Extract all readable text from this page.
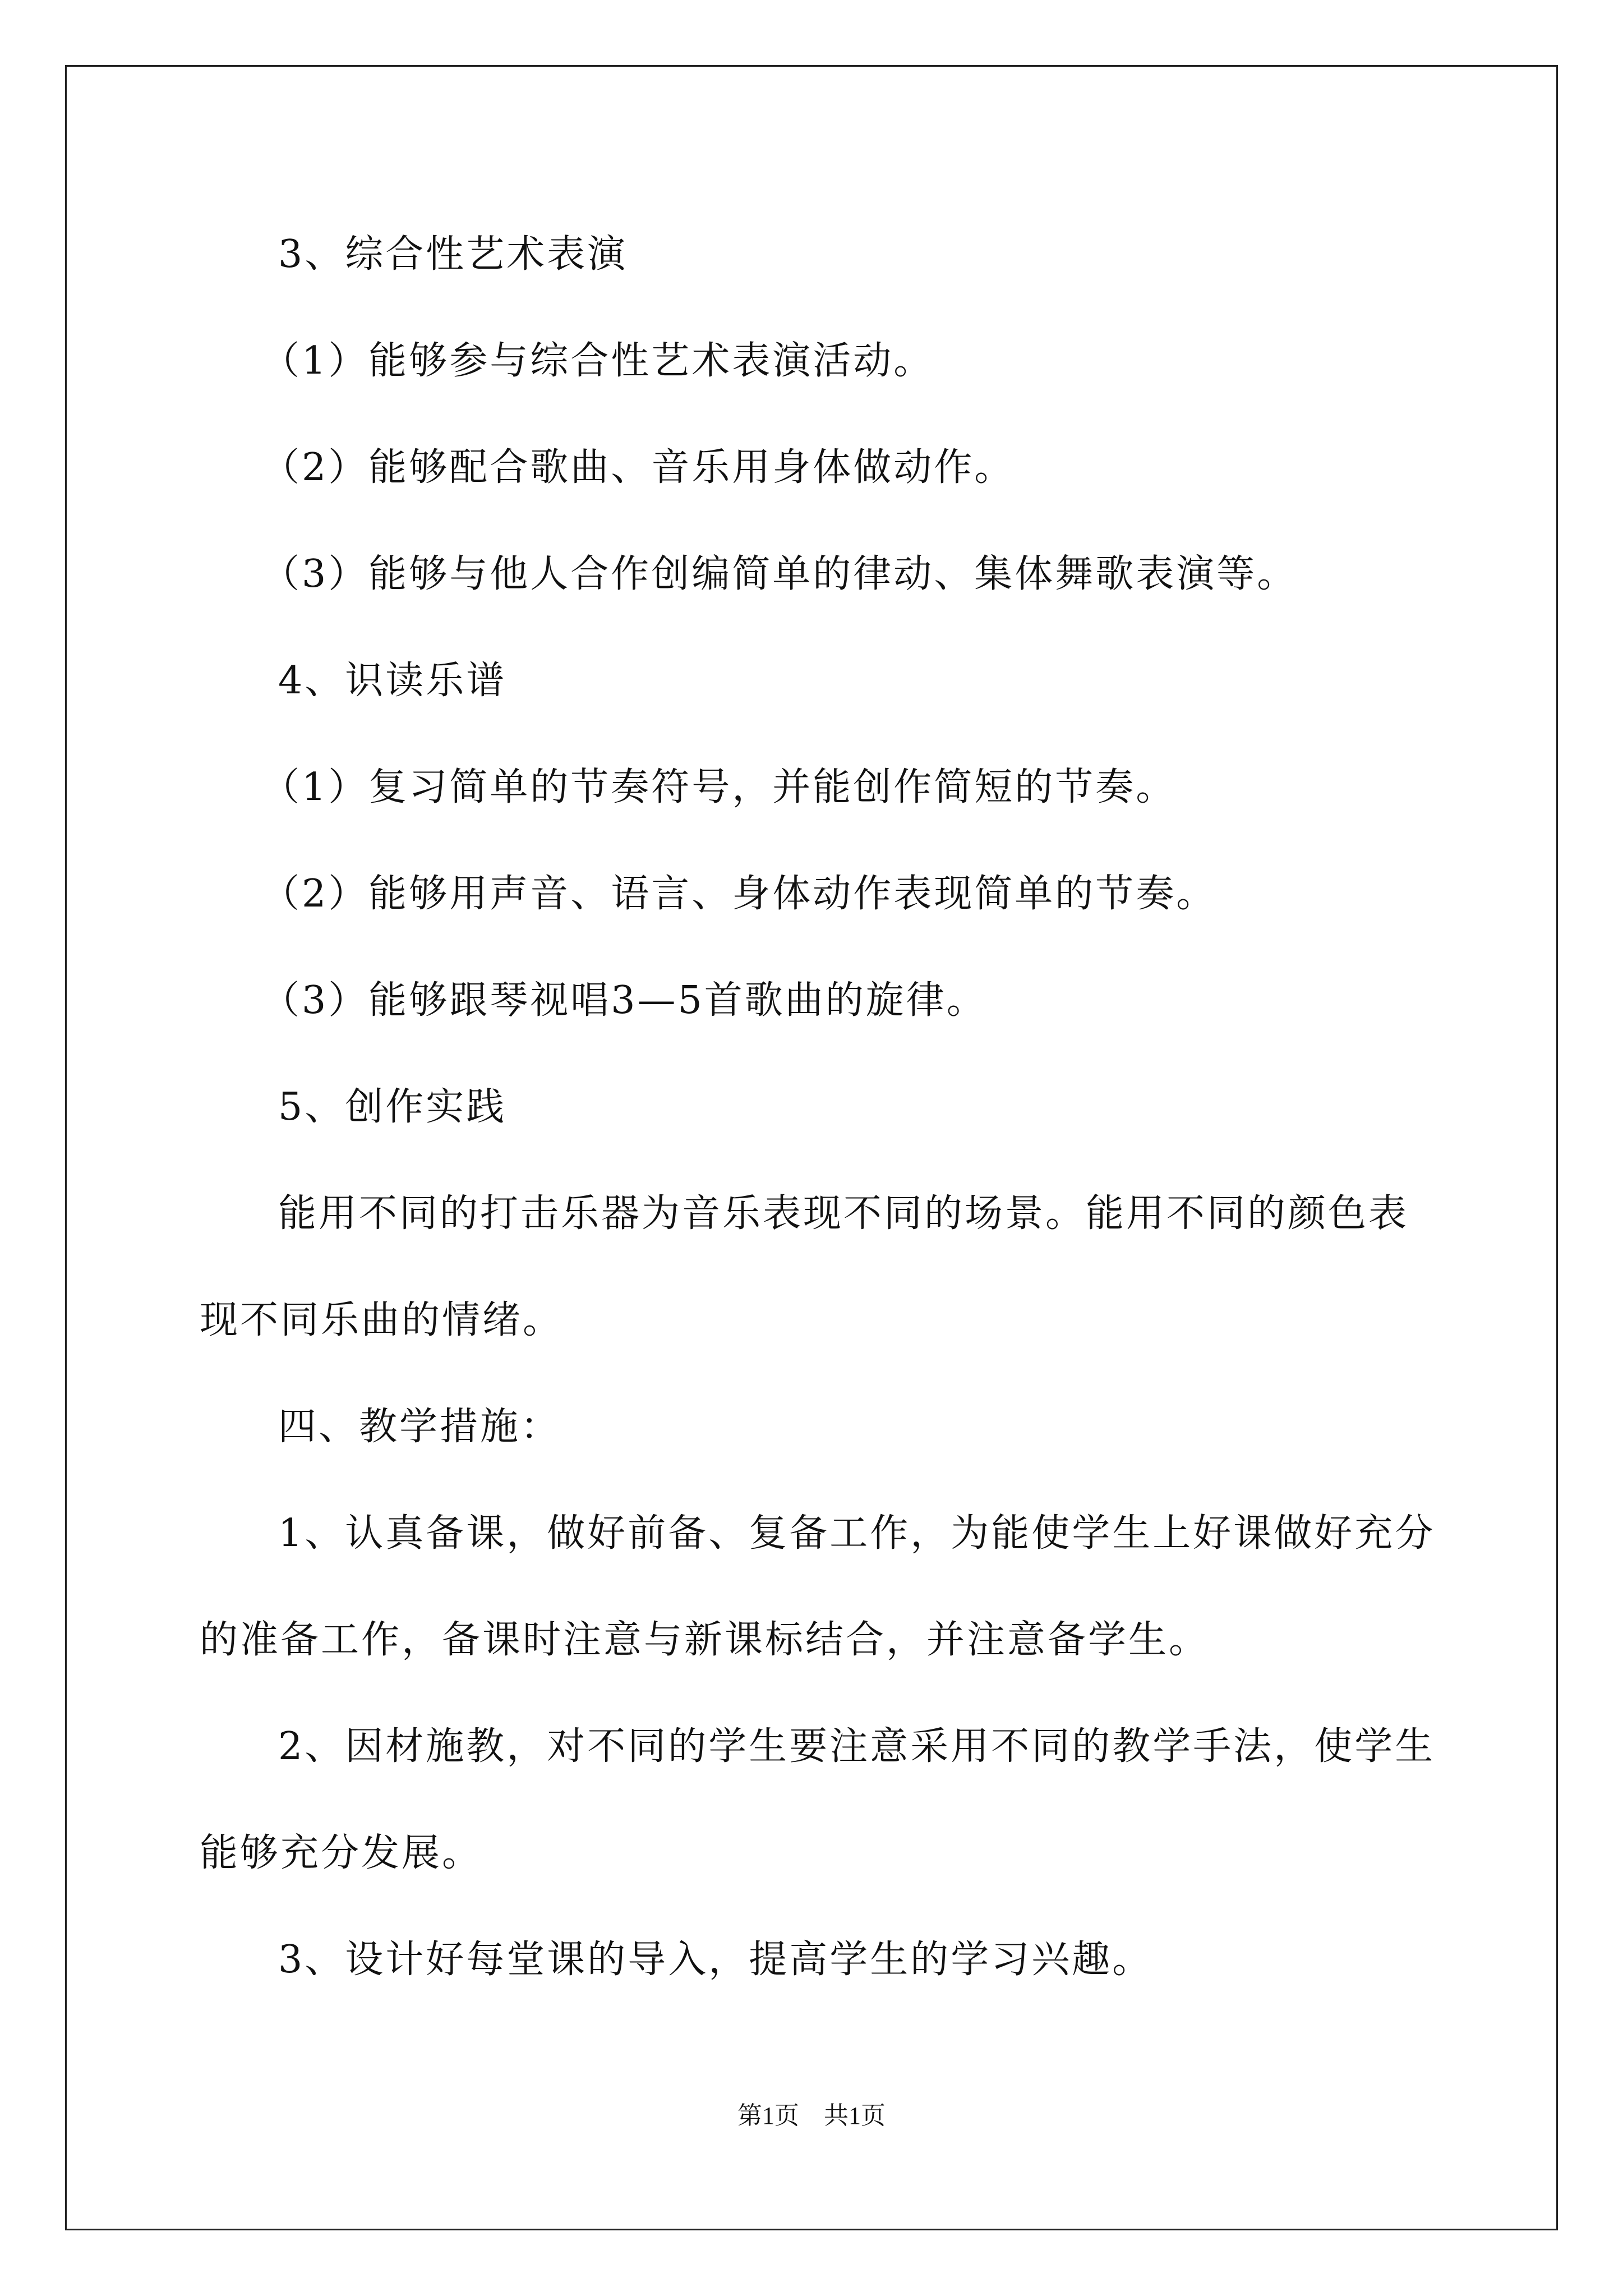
3、综合性艺术表演
（1）能够参与综合性艺术表演活动。
（2）能够配合歌曲、音乐用身体做动作。
（3）能够与他人合作创编简单的律动、集体舞歌表演等。
4、识读乐谱
（1）复习简单的节奏符号，并能创作简短的节奏。
（2）能够用声音、语言、身体动作表现简单的节奏。
（3）能够跟琴视唱3—5首歌曲的旋律。
5、创作实践
能用不同的打击乐器为音乐表现不同的场景。能用不同的颜色表
现不同乐曲的情绪。
四、教学措施：
1、认真备课，做好前备、复备工作，为能使学生上好课做好充分
的准备工作，备课时注意与新课标结合，并注意备学生。
2、因材施教，对不同的学生要注意采用不同的教学手法，使学生
能够充分发展。
3、设计好每堂课的导入，提高学生的学习兴趣。
第1页　共1页
